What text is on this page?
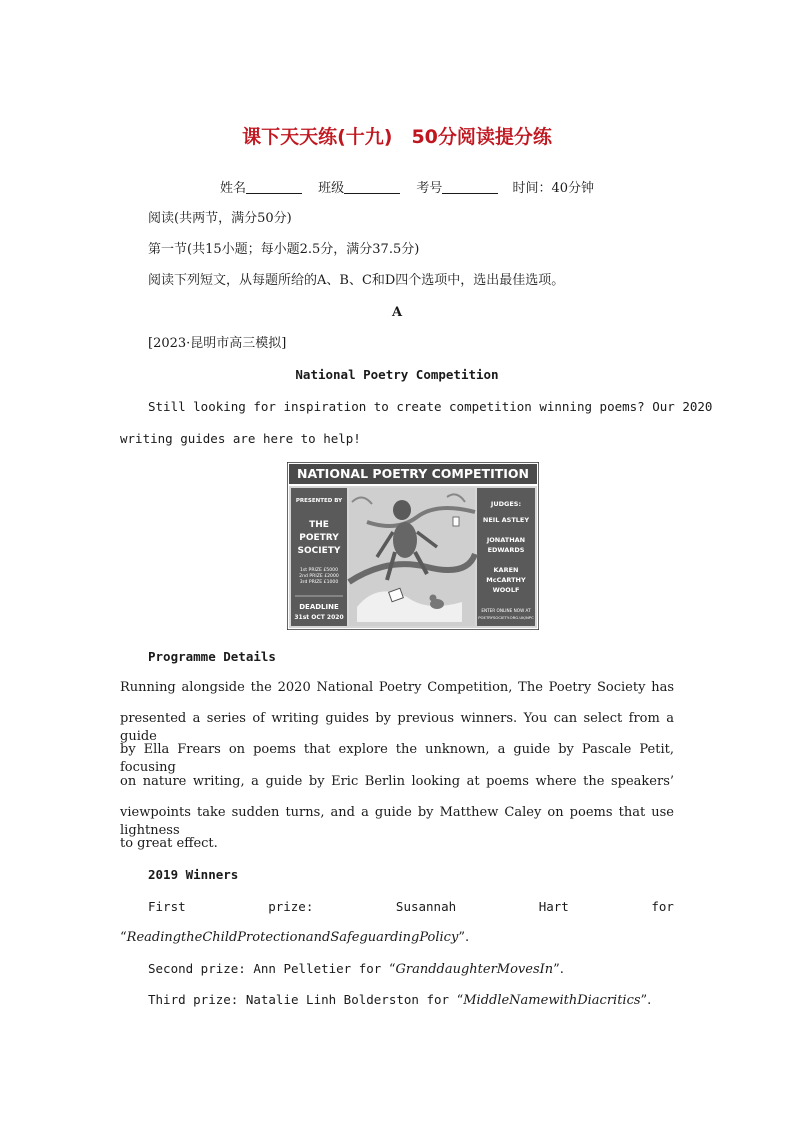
课下天天练(十九)　50分阅读提分练
姓名	班级	考号	时间：40分钟
阅读(共两节，满分50分)
第一节(共15小题；每小题2.5分，满分37.5分)
阅读下列短文，从每题所给的A、B、C和D四个选项中，选出最佳选项。
A
[2023·昆明市高三模拟]
National Poetry Competition
Still looking for inspiration to create competition winning poems? Our 2020
writing guides are here to help!
NATIONAL POETRY COMPETITION
PRESENTED BY
THE
POETRY
SOCIETY
1st PRIZE £5000
2nd PRIZE £2000
3rd PRIZE £1000
DEADLINE
31st OCT 2020
JUDGES:
NEIL ASTLEY
JONATHAN
EDWARDS
KAREN
McCARTHY
WOOLF
ENTER ONLINE NOW AT
POETRYSOCIETY.ORG.UK/NPC
Programme Details
Running alongside the 2020 National Poetry Competition, The Poetry Society has
presented a series of writing guides by previous winners. You can select from a guide
by Ella Frears on poems that explore the unknown, a guide by Pascale Petit, focusing
on nature writing, a guide by Eric Berlin looking at poems where the speakers’
viewpoints take sudden turns, and a guide by Matthew Caley on poems that use lightness
to great effect.
2019 Winners
First	prize:	Susannah	Hart	for
“ReadingtheChildProtectionandSafeguardingPolicy”.
Second prize: Ann Pelletier for “GranddaughterMovesIn”.
Third prize: Natalie Linh Bolderston for “MiddleNamewithDiacritics”.
